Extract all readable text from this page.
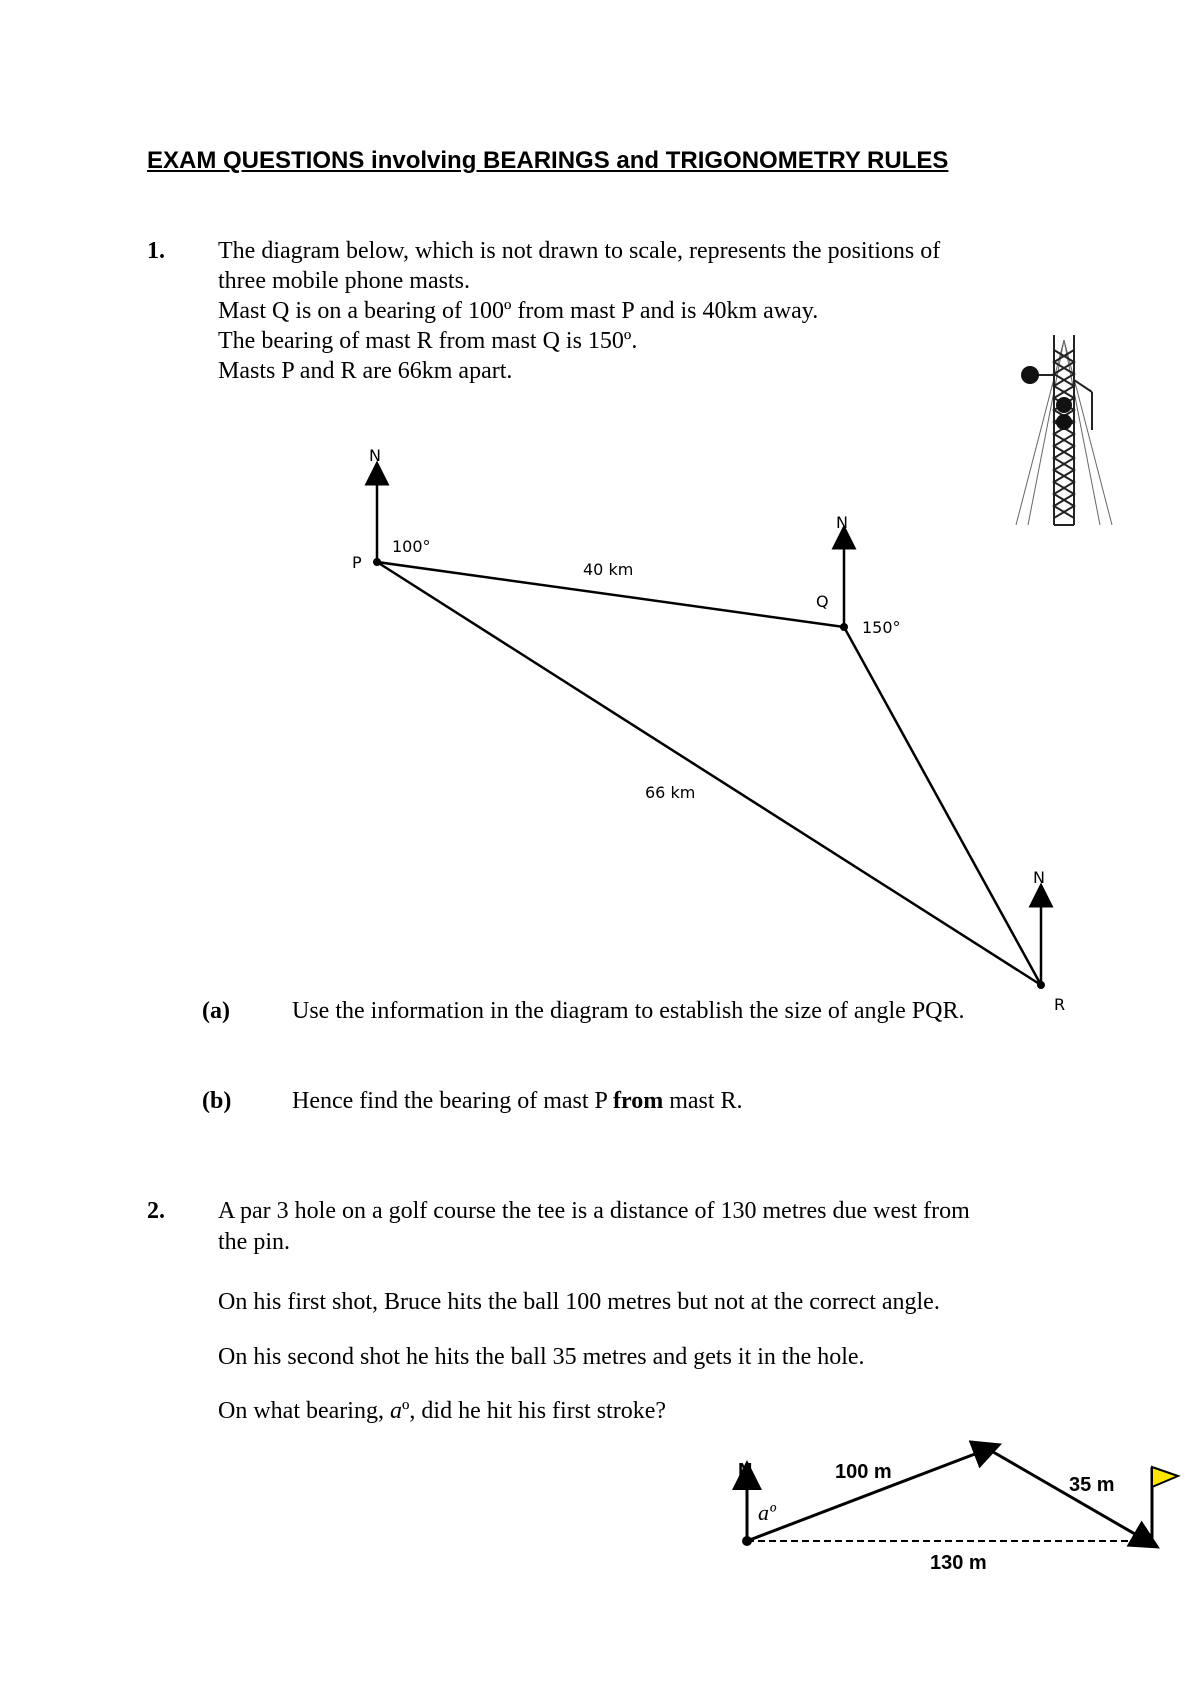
EXAM QUESTIONS involving BEARINGS and TRIGONOMETRY RULES
1. The diagram below, which is not drawn to scale, represents the positions of
three mobile phone masts.
Mast Q is on a bearing of 100º from mast P and is 40km away.
The bearing of mast R from mast Q is 150º.
Masts P and R are 66km apart.
N
N
N
P
Q
R
100°
150°
40 km
66 km
(a)	Use the information in the diagram to establish the size of angle PQR.
(b)	Hence find the bearing of mast P from mast R.
2. A par 3 hole on a golf course the tee is a distance of 130 metres due west from
the pin.
On his first shot, Bruce hits the ball 100 metres but not at the correct angle.
On his second shot he hits the ball 35 metres and gets it in the hole.
On what bearing, aº, did he hit his first stroke?
N
aº
100 m
35 m
130 m
